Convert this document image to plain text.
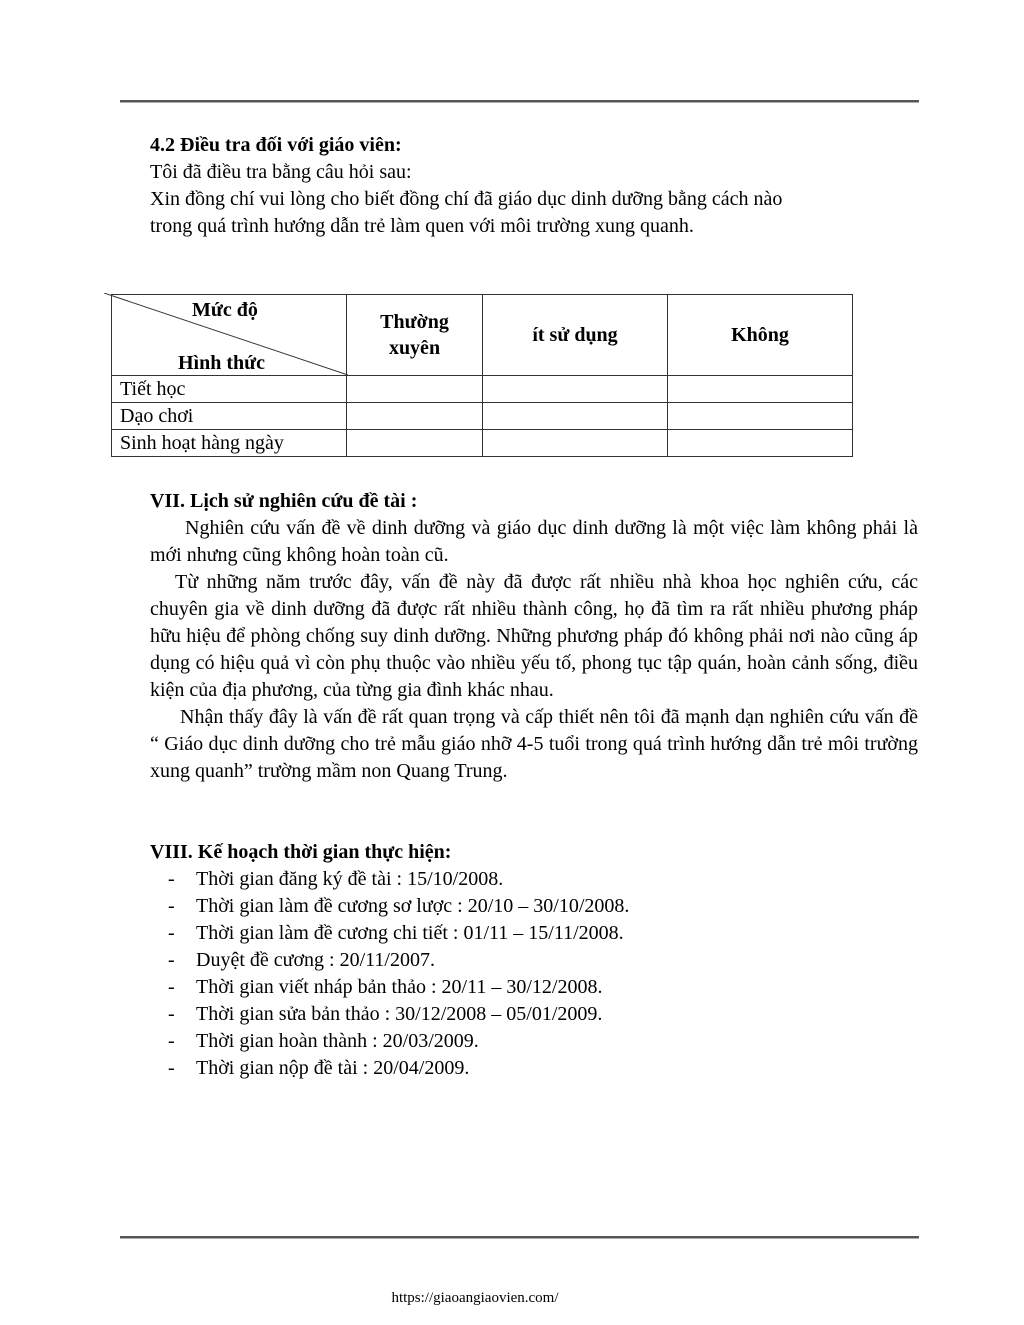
4.2 Điều tra đối với giáo viên:

Tôi đã điều tra bằng câu hỏi sau:

Xin đồng chí vui lòng cho biết đồng chí đã giáo dục dinh dưỡng bằng cách nào

trong quá trình hướng dẫn trẻ làm quen với môi trường xung quanh.

Mức độ
Hình thức	Thường xuyên	ít sử dụng	Không
Tiết học			
Dạo chơi			
Sinh hoạt hàng ngày			

VII. Lịch sử nghiên cứu đề tài :

Nghiên cứu vấn đề về dinh dưỡng và giáo dục dinh dưỡng là một việc làm không phải là mới nhưng cũng không hoàn toàn cũ.

Từ những năm trước đây, vấn đề này đã được rất nhiều nhà khoa học nghiên cứu, các chuyên gia về dinh dưỡng đã được rất nhiều thành công, họ đã tìm ra rất nhiều phương pháp hữu hiệu để phòng chống suy dinh dưỡng. Những phương pháp đó không phải nơi nào cũng áp dụng có hiệu quả vì còn phụ thuộc vào nhiều yếu tố, phong tục tập quán, hoàn cảnh sống, điều kiện của địa phương, của từng gia đình khác nhau.

Nhận thấy đây là vấn đề rất quan trọng và cấp thiết nên tôi đã mạnh dạn nghiên cứu vấn đề “ Giáo dục dinh dưỡng cho trẻ mẫu giáo nhỡ 4-5 tuổi trong quá trình hướng dẫn trẻ môi trường xung quanh” trường mầm non Quang Trung.

VIII. Kế hoạch thời gian thực hiện:

- Thời gian đăng ký đề tài : 15/10/2008.
- Thời gian làm đề cương sơ lược : 20/10 – 30/10/2008.
- Thời gian làm đề cương chi tiết : 01/11 – 15/11/2008.
- Duyệt đề cương : 20/11/2007.
- Thời gian viết nháp bản thảo : 20/11 – 30/12/2008.
- Thời gian sửa bản thảo : 30/12/2008 – 05/01/2009.
- Thời gian hoàn thành : 20/03/2009.
- Thời gian nộp đề tài : 20/04/2009.
https://giaoangiaovien.com/
